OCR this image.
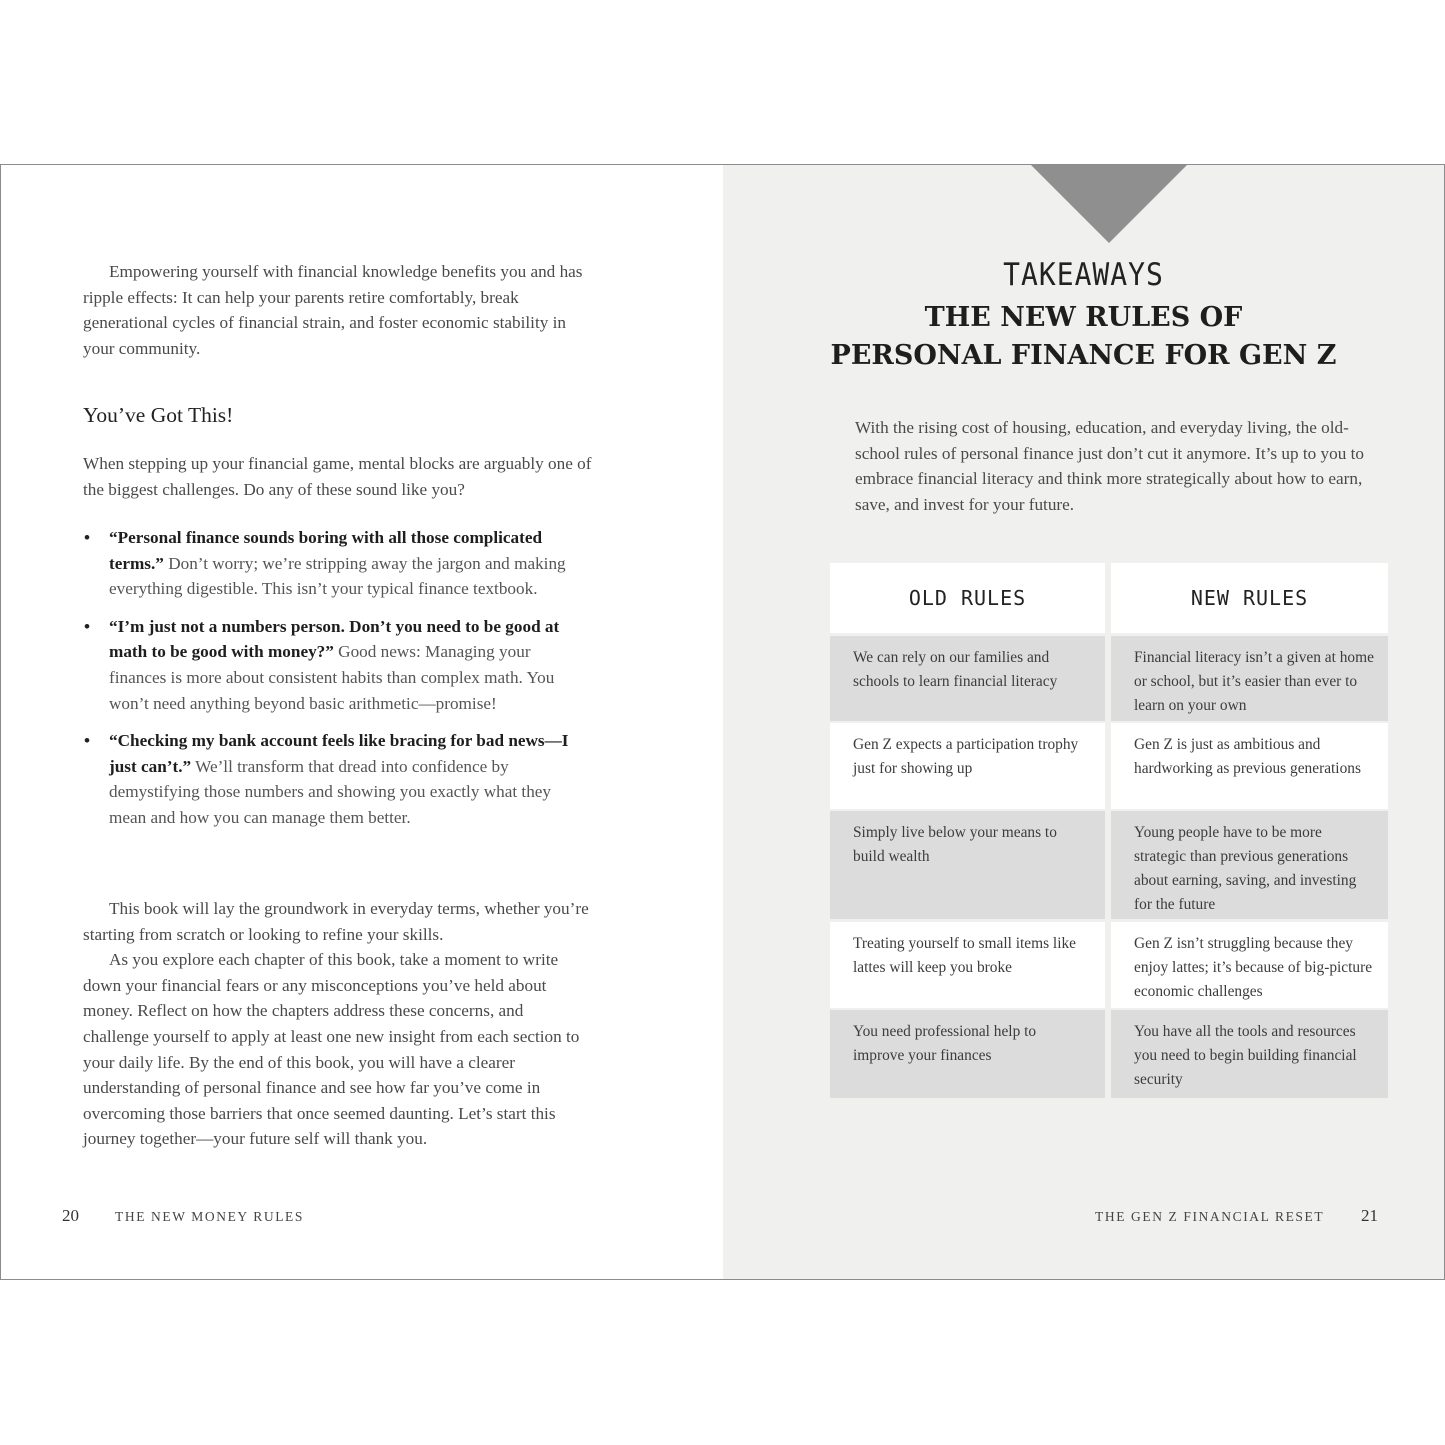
Empowering yourself with financial knowledge benefits you and has ripple effects: It can help your parents retire comfortably, break generational cycles of financial strain, and foster economic stability in your community.

You’ve Got This!

When stepping up your financial game, mental blocks are arguably one of the biggest challenges. Do any of these sound like you?

• “Personal finance sounds boring with all those complicated terms.” Don’t worry; we’re stripping away the jargon and making everything digestible. This isn’t your typical finance textbook.
• “I’m just not a numbers person. Don’t you need to be good at math to be good with money?” Good news: Managing your finances is more about consistent habits than complex math. You won’t need anything beyond basic arithmetic—promise!
• “Checking my bank account feels like bracing for bad news—I just can’t.” We’ll transform that dread into confidence by demystifying those numbers and showing you exactly what they mean and how you can manage them better.

This book will lay the groundwork in everyday terms, whether you’re starting from scratch or looking to refine your skills.

As you explore each chapter of this book, take a moment to write down your financial fears or any misconceptions you’ve held about money. Reflect on how the chapters address these concerns, and challenge yourself to apply at least one new insight from each section to your daily life. By the end of this book, you will have a clearer understanding of personal finance and see how far you’ve come in overcoming those barriers that once seemed daunting. Let’s start this journey together—your future self will thank you.

20	THE NEW MONEY RULES
TAKEAWAYS
THE NEW RULES OF
PERSONAL FINANCE FOR GEN Z

With the rising cost of housing, education, and everyday living, the old-school rules of personal finance just don’t cut it anymore. It’s up to you to embrace financial literacy and think more strategically about how to earn, save, and invest for your future.

OLD RULES	NEW RULES
We can rely on our families and schools to learn financial literacy
Financial literacy isn’t a given at home or school, but it’s easier than ever to learn on your own
Gen Z expects a participation trophy just for showing up
Gen Z is just as ambitious and hardworking as previous generations
Simply live below your means to build wealth
Young people have to be more strategic than previous generations about earning, saving, and investing for the future
Treating yourself to small items like lattes will keep you broke
Gen Z isn’t struggling because they enjoy lattes; it’s because of big-picture economic challenges
You need professional help to improve your finances
You have all the tools and resources you need to begin building financial security
THE GEN Z FINANCIAL RESET 21
